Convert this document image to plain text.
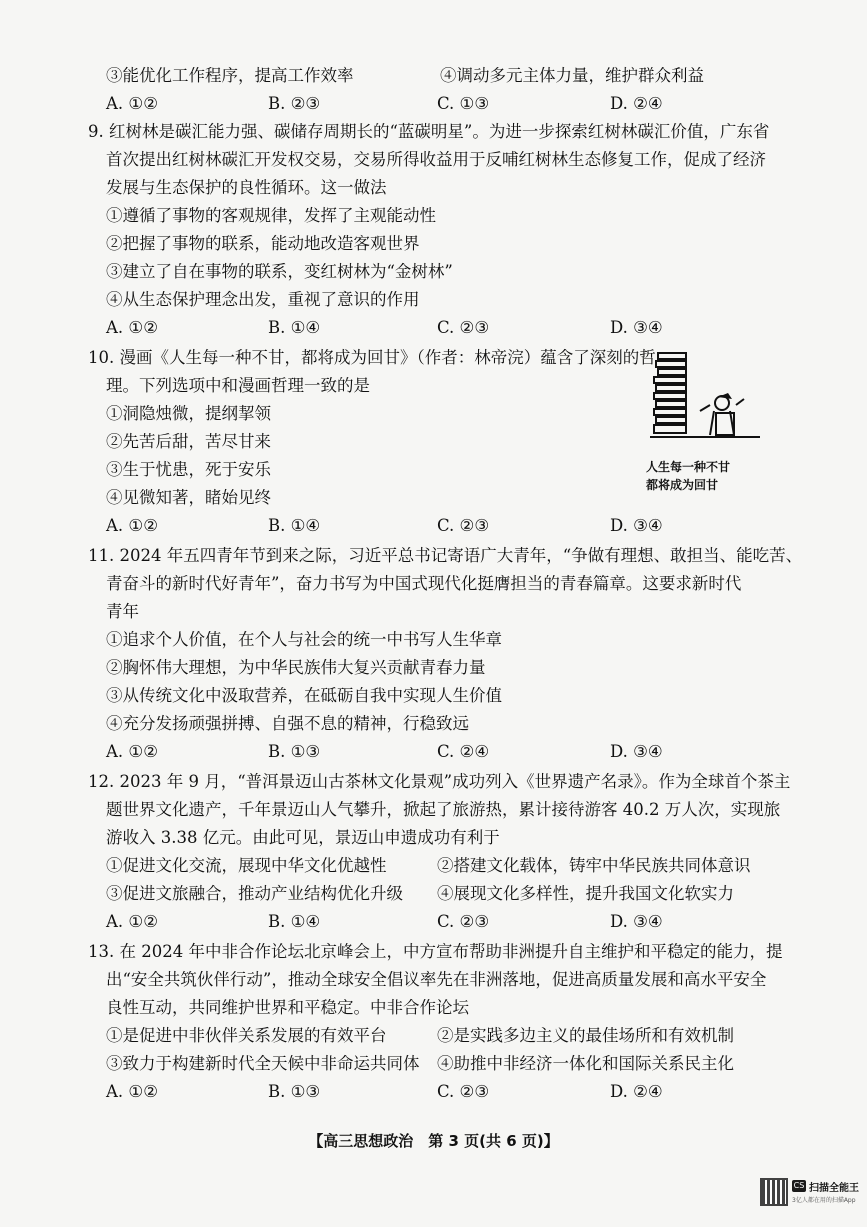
③能优化工作程序，提高工作效率	④调动多元主体力量，维护群众利益
A. ①②	B. ②③	C. ①③	D. ②④
9. 红树林是碳汇能力强、碳储存周期长的“蓝碳明星”。为进一步探索红树林碳汇价值，广东省
首次提出红树林碳汇开发权交易，交易所得收益用于反哺红树林生态修复工作，促成了经济
发展与生态保护的良性循环。这一做法
①遵循了事物的客观规律，发挥了主观能动性
②把握了事物的联系，能动地改造客观世界
③建立了自在事物的联系，变红树林为“金树林”
④从生态保护理念出发，重视了意识的作用
A. ①②	B. ①④	C. ②③	D. ③④
10. 漫画《人生每一种不甘，都将成为回甘》（作者：林帝浣）蕴含了深刻的哲
理。下列选项中和漫画哲理一致的是
①洞隐烛微，提纲挈领
②先苦后甜，苦尽甘来
③生于忧患，死于安乐
④见微知著，睹始见终
人生每一种不甘
都将成为回甘
A. ①②	B. ①④	C. ②③	D. ③④
11. 2024 年五四青年节到来之际，习近平总书记寄语广大青年，“争做有理想、敢担当、能吃苦、
青奋斗的新时代好青年”，奋力书写为中国式现代化挺膺担当的青春篇章。这要求新时代
青年
①追求个人价值，在个人与社会的统一中书写人生华章
②胸怀伟大理想，为中华民族伟大复兴贡献青春力量
③从传统文化中汲取营养，在砥砺自我中实现人生价值
④充分发扬顽强拼搏、自强不息的精神，行稳致远
A. ①②	B. ①③	C. ②④	D. ③④
12. 2023 年 9 月，“普洱景迈山古茶林文化景观”成功列入《世界遗产名录》。作为全球首个茶主
题世界文化遗产，千年景迈山人气攀升，掀起了旅游热，累计接待游客 40.2 万人次，实现旅
游收入 3.38 亿元。由此可见，景迈山申遗成功有利于
①促进文化交流，展现中华文化优越性	②搭建文化载体，铸牢中华民族共同体意识
③促进文旅融合，推动产业结构优化升级 ④展现文化多样性，提升我国文化软实力
A. ①②	B. ①④	C. ②③	D. ③④
13. 在 2024 年中非合作论坛北京峰会上，中方宣布帮助非洲提升自主维护和平稳定的能力，提
出“安全共筑伙伴行动”，推动全球安全倡议率先在非洲落地，促进高质量发展和高水平安全
良性互动，共同维护世界和平稳定。中非合作论坛
①是促进中非伙伴关系发展的有效平台	②是实践多边主义的最佳场所和有效机制
③致力于构建新时代全天候中非命运共同体 ④助推中非经济一体化和国际关系民主化
A. ①②	B. ①③	C. ②③	D. ②④
【高三思想政治　第 3 页(共 6 页)】
CS 扫描全能王
3亿人都在用的扫描App
